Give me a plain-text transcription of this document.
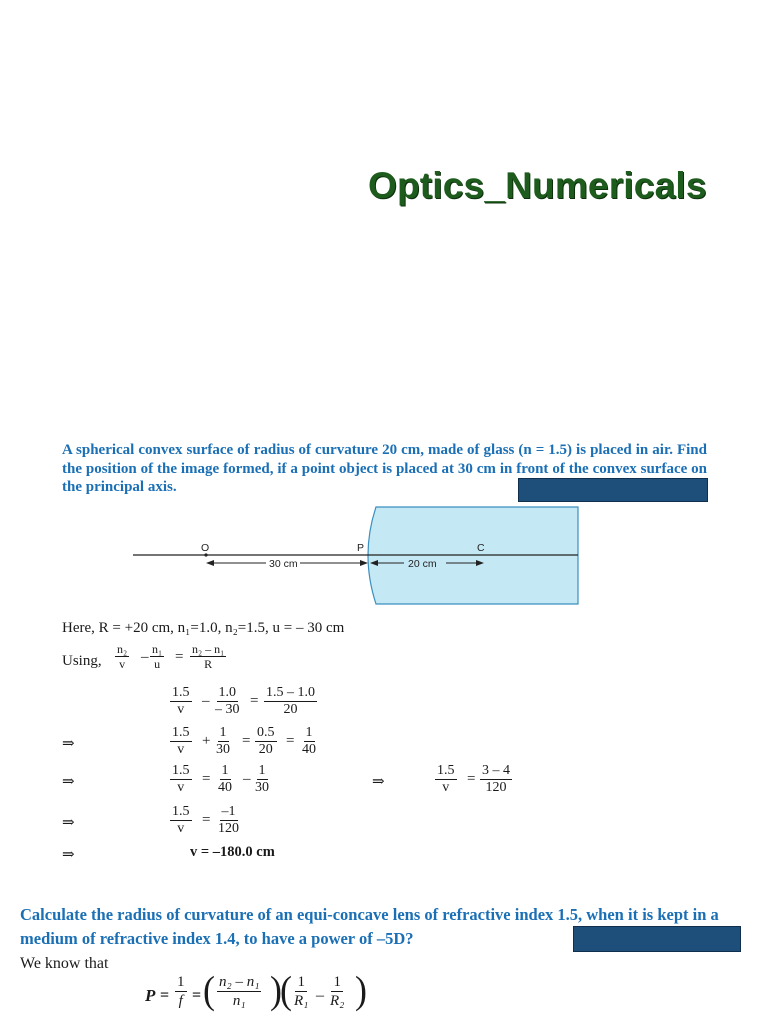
Optics_Numericals
A spherical convex surface of radius of curvature 20 cm, made of glass (n = 1.5) is placed in air. Find the position of the image formed, if a point object is placed at 30 cm in front of the convex surface on the principal axis.
O	P	C
30 cm	20 cm
Here, R = +20 cm, n₁=1.0, n₂=1.5, u = – 30 cm
Using, $\frac{\text{n₂}}{v} - \frac{\text{n₁}}{u} = \frac{\text{n₂ – n₁}}{R}$
$\frac{1.5}{v} - \frac{1.0}{- 30} = \frac{1.5 - 1.0}{20}$
⇒	$\frac{1.5}{v} + \frac{1}{30} = \frac{0.5}{20} = \frac{1}{40}$
⇒	$\frac{1.5}{v} = \frac{1}{40} - \frac{1}{30}$	⇒	$\frac{1.5}{v} = \frac{3 - 4}{120}$
⇒	$\frac{1.5}{v} = \frac{-1}{120}$
⇒	v = –180.0 cm
Calculate the radius of curvature of an equi-concave lens of refractive index 1.5, when it is kept in a medium of refractive index 1.4, to have a power of –5D?
We know that
$P = \frac{1}{f}$ = ( $\frac{\text{n₂ – n₁}}{\text{n₁}}$ )
( $\frac{1}{\text{R₁}} - \frac{1}{\text{R₂}}$ )
